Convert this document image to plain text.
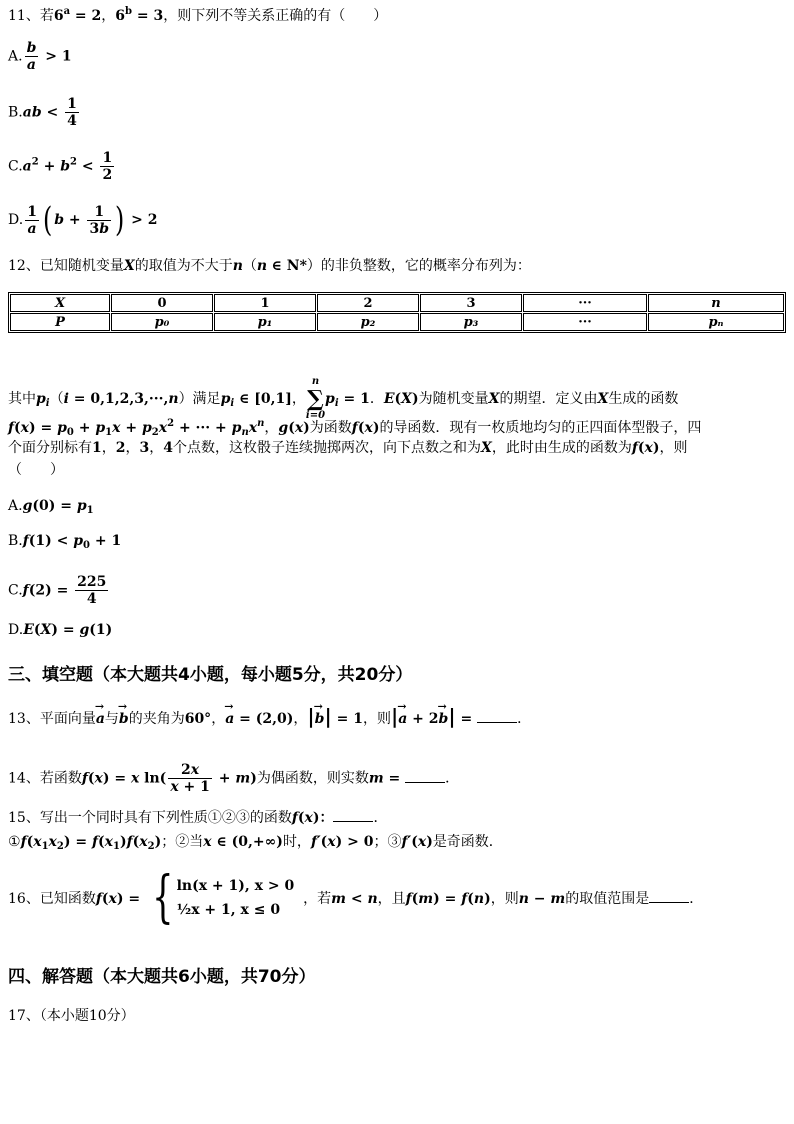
11、若$6^a = 2$，$6^b = 3$，则下列不等关系正确的有（　　）
A. $\frac{b}{a} > 1$
$B.ab < \frac{1}{4}$
$C.a^2 + b^2 < \frac{1}{2}$
D. $\frac{1}{a}$ ( $b + \frac{1}{3b}$ ) > 2
12、已知随机变量X的取值为不大于n（n ∈ N*）的非负整数，它的概率分布列为：
X	0	1	2	3	···	n
P	p₀	p₁	p₂	p₃	···	pₙ
其中$p_i(i = 0,1,2,3,\cdot\cdot\cdot,n)$满足$p_i$ ∈ [0,1]，
n
∑
i=0
$p_i = 1$．E(X)为随机变量X的期望．定义由X生成的函数
$f(x) = p_0 + p_1x + p_2x^2$ + ··· + $p_nx^n$，g(x)为函数f(x)的导函数．现有一枚质地均匀的正四面体型骰子，四
个面分别标有1，2，3，4个点数，这枚骰子连续抛掷两次，向下点数之和为X，此时由生成的函数为f(x)，则
（　　）
$A.g(0) = p_1$
$B.f(1) < p_0 + 1$
$C.f(2) = \frac{225}{4}$
D.E(X) = g(1)
三、填空题（本大题共4小题，每小题5分，共20分）
13、平面向量→ a与→ b的夹角为60°，→ a = (2,0)，|→ b| = 1，则|→ a + 2→ b| =	．
14、若函数f(x) = x $\ln( \frac{2x}{x + 1} + m)$为偶函数，则实数m =	．
15、写出一个同时具有下列性质①②③的函数f(x)：	．
$①f(x_1x_2) = f(x_1)f(x_2)$；②当x ∈ (0,+∞)时，f′(x) > 0；③f′(x)是奇函数．
16、已知函数f(x) = { ln(x + 1), x > 0
½x + 1, x ≤ 0
，若m < n，且f(m) = f(n)，则n − m的取值范围是	．
四、解答题（本大题共6小题，共70分）
17、（本小题10分）
